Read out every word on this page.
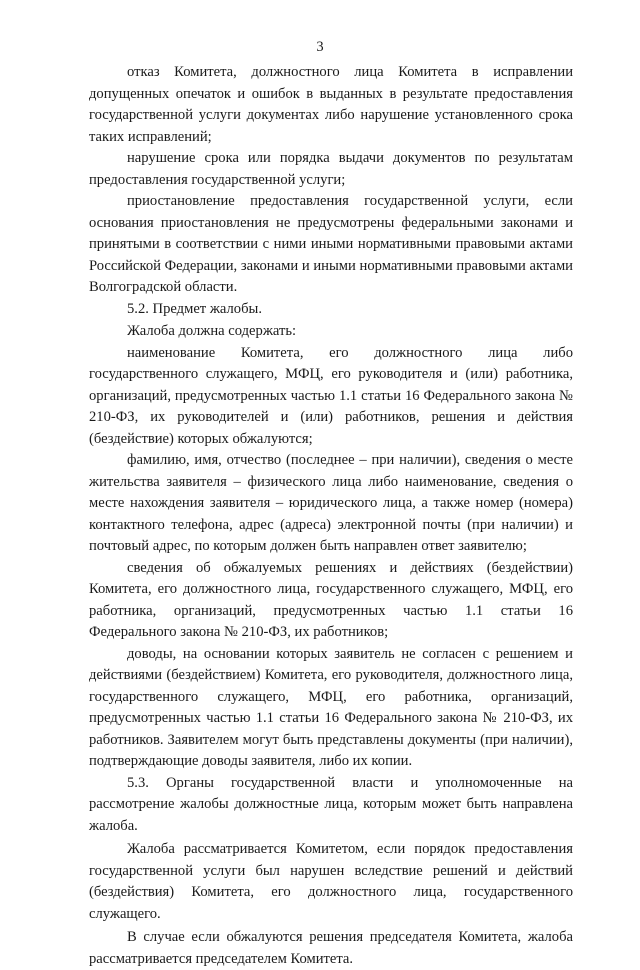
3

отказ Комитета, должностного лица Комитета в исправлении допущенных опечаток и ошибок в выданных в результате предоставления государственной услуги документах либо нарушение установленного срока таких исправлений;

нарушение срока или порядка выдачи документов по результатам предоставления государственной услуги;

приостановление предоставления государственной услуги, если основания приостановления не предусмотрены федеральными законами и принятыми в соответствии с ними иными нормативными правовыми актами Российской Федерации, законами и иными нормативными правовыми актами Волгоградской области.

5.2. Предмет жалобы.

Жалоба должна содержать:

наименование Комитета, его должностного лица либо государственного служащего, МФЦ, его руководителя и (или) работника, организаций, предусмотренных частью 1.1 статьи 16 Федерального закона № 210-ФЗ, их руководителей и (или) работников, решения и действия (бездействие) которых обжалуются;

фамилию, имя, отчество (последнее – при наличии), сведения о месте жительства заявителя – физического лица либо наименование, сведения о месте нахождения заявителя – юридического лица, а также номер (номера) контактного телефона, адрес (адреса) электронной почты (при наличии) и почтовый адрес, по которым должен быть направлен ответ заявителю;

сведения об обжалуемых решениях и действиях (бездействии) Комитета, его должностного лица, государственного служащего, МФЦ, его работника, организаций, предусмотренных частью 1.1 статьи 16 Федерального закона № 210-ФЗ, их работников;

доводы, на основании которых заявитель не согласен с решением и действиями (бездействием) Комитета, его руководителя, должностного лица, государственного служащего, МФЦ, его работника, организаций, предусмотренных частью 1.1 статьи 16 Федерального закона № 210-ФЗ, их работников. Заявителем могут быть представлены документы (при наличии), подтверждающие доводы заявителя, либо их копии.

5.3. Органы государственной власти и уполномоченные на рассмотрение жалобы должностные лица, которым может быть направлена жалоба.

Жалоба рассматривается Комитетом, если порядок предоставления государственной услуги был нарушен вследствие решений и действий (бездействия) Комитета, его должностного лица, государственного служащего.

В случае если обжалуются решения председателя Комитета, жалоба рассматривается председателем Комитета.
